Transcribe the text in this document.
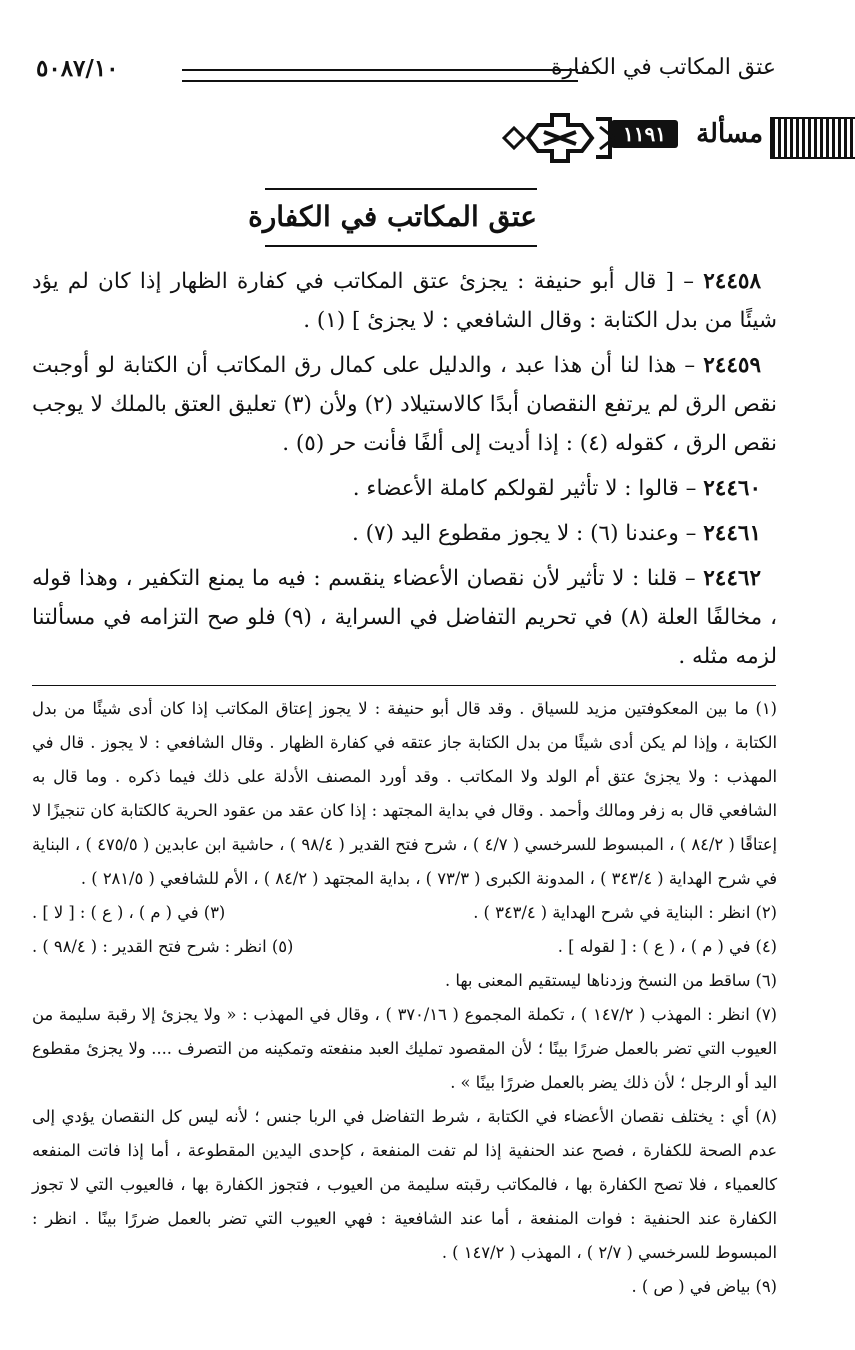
عتق المكاتب في الكفارة
٥٠٨٧/١٠
مسألة
١١٩١
عتق المكاتب في الكفارة

٢٤٤٥٨ – [ قال أبو حنيفة : يجزئ عتق المكاتب في كفارة الظهار إذا كان لم يؤد شيئًا من بدل الكتابة : وقال الشافعي : لا يجزئ ] (١) .

٢٤٤٥٩ – هذا لنا أن هذا عبد ، والدليل على كمال رق المكاتب أن الكتابة لو أوجبت نقص الرق لم يرتفع النقصان أبدًا كالاستيلاد (٢) ولأن (٣) تعليق العتق بالملك لا يوجب نقص الرق ، كقوله (٤) : إذا أديت إلى ألفًا فأنت حر (٥) .

٢٤٤٦٠ – قالوا : لا تأثير لقولكم كاملة الأعضاء .

٢٤٤٦١ – وعندنا (٦) : لا يجوز مقطوع اليد (٧) .

٢٤٤٦٢ – قلنا : لا تأثير لأن نقصان الأعضاء ينقسم : فيه ما يمنع التكفير ، وهذا قوله ، مخالفًا العلة (٨) في تحريم التفاضل في السراية ، (٩) فلو صح التزامه في مسألتنا لزمه مثله .

(١) ما بين المعكوفتين مزيد للسياق . وقد قال أبو حنيفة : لا يجوز إعتاق المكاتب إذا كان أدى شيئًا من بدل الكتابة ، وإذا لم يكن أدى شيئًا من بدل الكتابة جاز عتقه في كفارة الظهار . وقال الشافعي : لا يجوز . قال في المهذب : ولا يجزئ عتق أم الولد ولا المكاتب . وقد أورد المصنف الأدلة على ذلك فيما ذكره . وما قال به الشافعي قال به زفر ومالك وأحمد . وقال في بداية المجتهد : إذا كان عقد من عقود الحرية كالكتابة كان تنجيزًا لا إعتاقًا ( ٨٤/٢ ) ، المبسوط للسرخسي ( ٤/٧ ) ، شرح فتح القدير ( ٩٨/٤ ) ، حاشية ابن عابدين ( ٤٧٥/٥ ) ، البناية في شرح الهداية ( ٣٤٣/٤ ) ، المدونة الكبرى ( ٧٣/٣ ) ، بداية المجتهد ( ٨٤/٢ ) ، الأم للشافعي ( ٢٨١/٥ ) .

(٢) انظر : البناية في شرح الهداية ( ٣٤٣/٤ ) .
(٣) في ( م ) ، ( ع ) : [ لا ] .
(٤) في ( م ) ، ( ع ) : [ لقوله ] .
(٥) انظر : شرح فتح القدير : ( ٩٨/٤ ) .

(٦) ساقط من النسخ وزدناها ليستقيم المعنى بها .

(٧) انظر : المهذب ( ١٤٧/٢ ) ، تكملة المجموع ( ٣٧٠/١٦ ) ، وقال في المهذب : « ولا يجزئ إلا رقبة سليمة من العيوب التي تضر بالعمل ضررًا بينًا ؛ لأن المقصود تمليك العبد منفعته وتمكينه من التصرف .... ولا يجزئ مقطوع اليد أو الرجل ؛ لأن ذلك يضر بالعمل ضررًا بينًا » .

(٨) أي : يختلف نقصان الأعضاء في الكتابة ، شرط التفاضل في الربا جنس ؛ لأنه ليس كل النقصان يؤدي إلى عدم الصحة للكفارة ، فصح عند الحنفية إذا لم تفت المنفعة ، كإحدى اليدين المقطوعة ، أما إذا فاتت المنفعه كالعمياء ، فلا تصح الكفارة بها ، فالمكاتب رقبته سليمة من العيوب ، فتجوز الكفارة بها ، فالعيوب التي لا تجوز الكفارة عند الحنفية : فوات المنفعة ، أما عند الشافعية : فهي العيوب التي تضر بالعمل ضررًا بينًا . انظر : المبسوط للسرخسي ( ٢/٧ ) ، المهذب ( ١٤٧/٢ ) .

(٩) بياض في ( ص ) .
